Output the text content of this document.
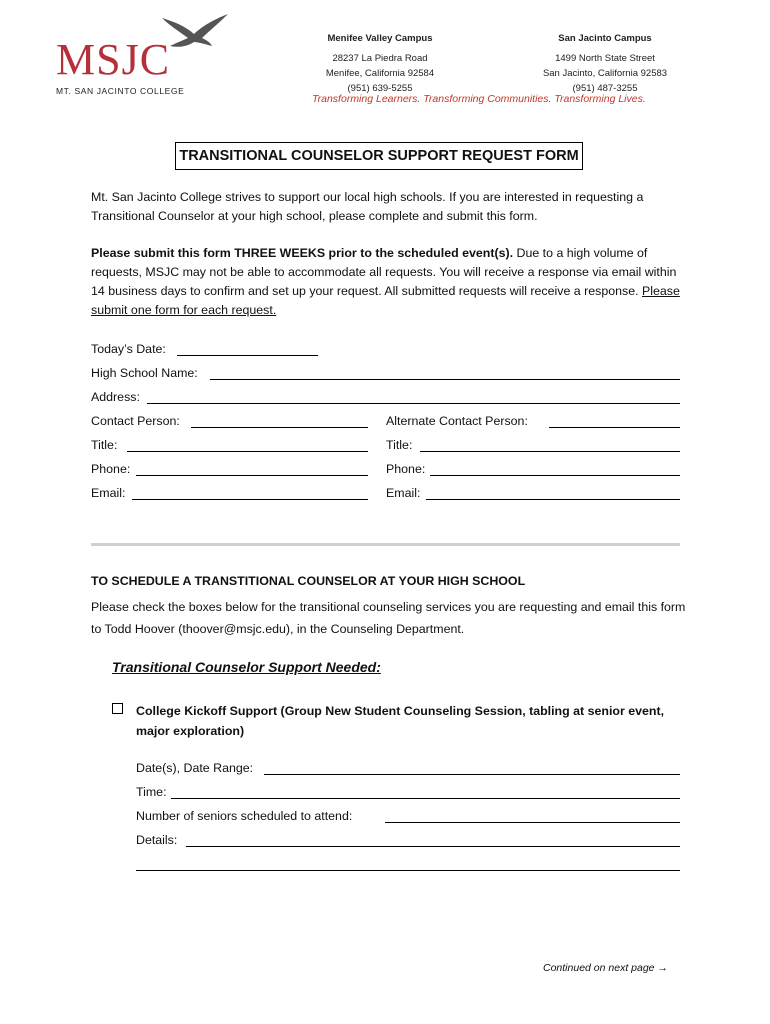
MSJC
MT. SAN JACINTO COLLEGE
Menifee Valley Campus
28237 La Piedra Road
Menifee, California 92584
(951) 639-5255
San Jacinto Campus
1499 North State Street
San Jacinto, California 92583
(951) 487-3255
Transforming Learners. Transforming Communities. Transforming Lives.
TRANSITIONAL COUNSELOR SUPPORT REQUEST FORM
Mt. San Jacinto College strives to support our local high schools. If you are interested in requesting a Transitional Counselor at your high school, please complete and submit this form.
Please submit this form THREE WEEKS prior to the scheduled event(s). Due to a high volume of requests, MSJC may not be able to accommodate all requests. You will receive a response via email within 14 business days to confirm and set up your request. All submitted requests will receive a response. Please submit one form for each request.
Today’s Date:
High School Name:
Address:
Contact Person:	Alternate Contact Person:
Title:	Title:
Phone:	Phone:
Email:	Email:
TO SCHEDULE A TRANSTITIONAL COUNSELOR AT YOUR HIGH SCHOOL
Please check the boxes below for the transitional counseling services you are requesting and email this form to Todd Hoover (thoover@msjc.edu), in the Counseling Department.
Transitional Counselor Support Needed:
College Kickoff Support (Group New Student Counseling Session, tabling at senior event, major exploration)
Date(s), Date Range:
Time:
Number of seniors scheduled to attend:
Details:
Continued on next page →
